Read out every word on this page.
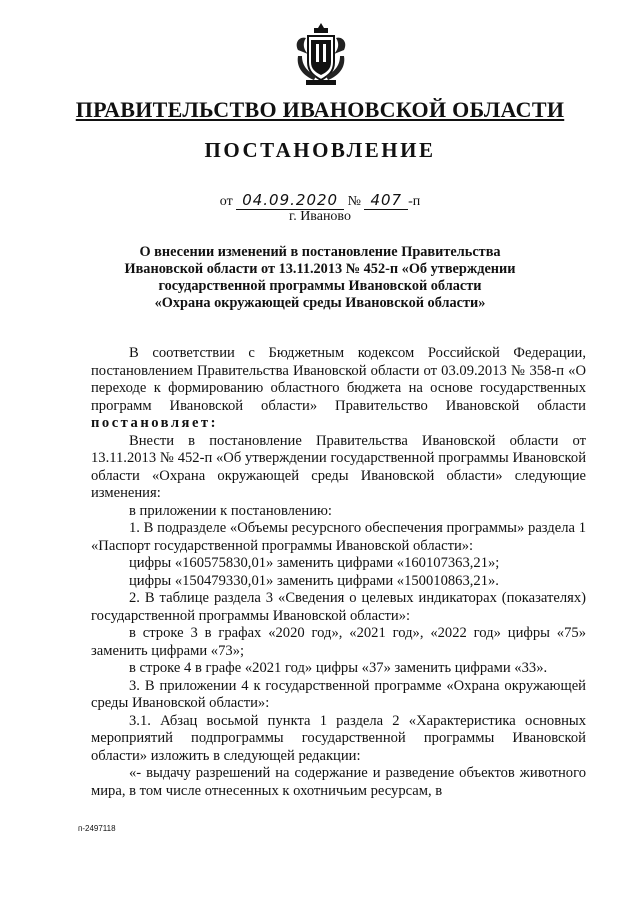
ПРАВИТЕЛЬСТВО ИВАНОВСКОЙ ОБЛАСТИ
ПОСТАНОВЛЕНИЕ
от 04.09.2020 № 407 -п
г. Иваново
О внесении изменений в постановление Правительства
Ивановской области от 13.11.2013 № 452-п «Об утверждении
государственной программы Ивановской области
«Охрана окружающей среды Ивановской области»

В соответствии с Бюджетным кодексом Российской Федерации, постановлением Правительства Ивановской области от 03.09.2013 № 358-п «О переходе к формированию областного бюджета на основе государственных программ Ивановской области» Правительство Ивановской области постановляет:

Внести в постановление Правительства Ивановской области от 13.11.2013 № 452-п «Об утверждении государственной программы Ивановской области «Охрана окружающей среды Ивановской области» следующие изменения:

в приложении к постановлению:

1. В подразделе «Объемы ресурсного обеспечения программы» раздела 1 «Паспорт государственной программы Ивановской области»:

цифры «160575830,01» заменить цифрами «160107363,21»;

цифры «150479330,01» заменить цифрами «150010863,21».

2. В таблице раздела 3 «Сведения о целевых индикаторах (показателях) государственной программы Ивановской области»:

в строке 3 в графах «2020 год», «2021 год», «2022 год» цифры «75» заменить цифрами «73»;

в строке 4 в графе «2021 год» цифры «37» заменить цифрами «33».

3. В приложении 4 к государственной программе «Охрана окружающей среды Ивановской области»:

3.1. Абзац восьмой пункта 1 раздела 2 «Характеристика основных мероприятий подпрограммы государственной программы Ивановской области» изложить в следующей редакции:

«- выдачу разрешений на содержание и разведение объектов животного мира, в том числе отнесенных к охотничьим ресурсам, в

п-2497118
